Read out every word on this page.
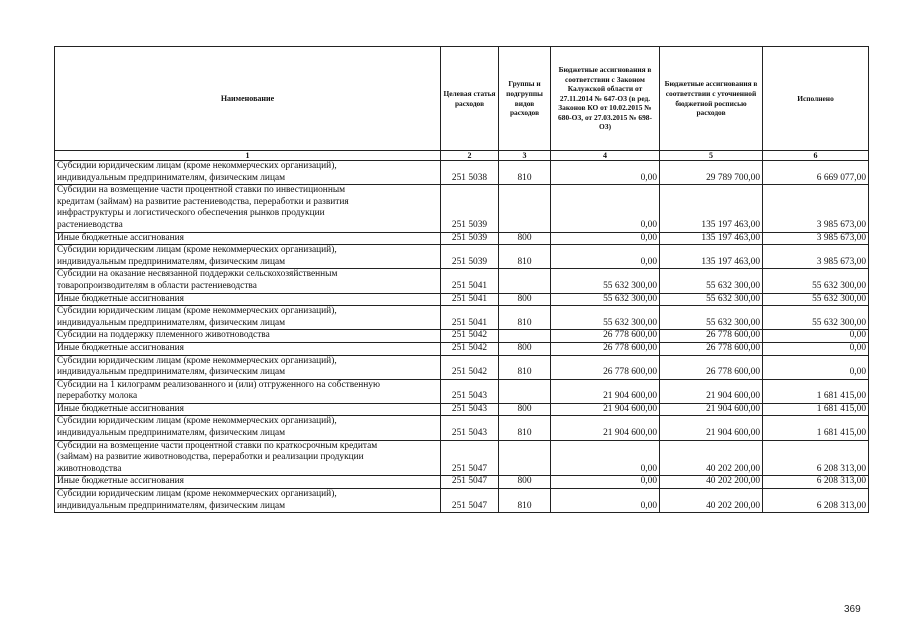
Наименование	Целевая статья расходов	Группы и подгруппы видов расходов	Бюджетные ассигнования в соответствии с Законом Калужской области от 27.11.2014 № 647-ОЗ (в ред. Законов КО от 10.02.2015 № 680-ОЗ, от 27.03.2015 № 698-ОЗ)	Бюджетные ассигнования в соответствии с уточненной бюджетной росписью расходов	Исполнено
1	2	3	4	5	6

Субсидии юридическим лицам (кроме некоммерческих организаций),
индивидуальным предпринимателям, физическим лицам	251 5038	810	0,00	29 789 700,00	6 669 077,00

Субсидии на возмещение части процентной ставки по инвестиционным
кредитам (займам) на развитие растениеводства, переработки и развития
инфраструктуры и логистического обеспечения рынков продукции
растениеводства	251 5039		0,00	135 197 463,00	3 985 673,00

Иные бюджетные ассигнования	251 5039	800	0,00	135 197 463,00	3 985 673,00

Субсидии юридическим лицам (кроме некоммерческих организаций),
индивидуальным предпринимателям, физическим лицам	251 5039	810	0,00	135 197 463,00	3 985 673,00

Субсидии на оказание несвязанной поддержки сельскохозяйственным
товаропроизводителям в области растениеводства	251 5041		55 632 300,00	55 632 300,00	55 632 300,00

Иные бюджетные ассигнования	251 5041	800	55 632 300,00	55 632 300,00	55 632 300,00

Субсидии юридическим лицам (кроме некоммерческих организаций),
индивидуальным предпринимателям, физическим лицам	251 5041	810	55 632 300,00	55 632 300,00	55 632 300,00

Субсидии на поддержку племенного животноводства	251 5042		26 778 600,00	26 778 600,00	0,00

Иные бюджетные ассигнования	251 5042	800	26 778 600,00	26 778 600,00	0,00

Субсидии юридическим лицам (кроме некоммерческих организаций),
индивидуальным предпринимателям, физическим лицам	251 5042	810	26 778 600,00	26 778 600,00	0,00

Субсидии на 1 килограмм реализованного и (или) отгруженного на собственную
переработку молока	251 5043		21 904 600,00	21 904 600,00	1 681 415,00

Иные бюджетные ассигнования	251 5043	800	21 904 600,00	21 904 600,00	1 681 415,00

Субсидии юридическим лицам (кроме некоммерческих организаций),
индивидуальным предпринимателям, физическим лицам	251 5043	810	21 904 600,00	21 904 600,00	1 681 415,00

Субсидии на возмещение части процентной ставки по краткосрочным кредитам
(займам) на развитие животноводства, переработки и реализации продукции
животноводства	251 5047		0,00	40 202 200,00	6 208 313,00

Иные бюджетные ассигнования	251 5047	800	0,00	40 202 200,00	6 208 313,00

Субсидии юридическим лицам (кроме некоммерческих организаций),
индивидуальным предпринимателям, физическим лицам	251 5047	810	0,00	40 202 200,00	6 208 313,00
369
